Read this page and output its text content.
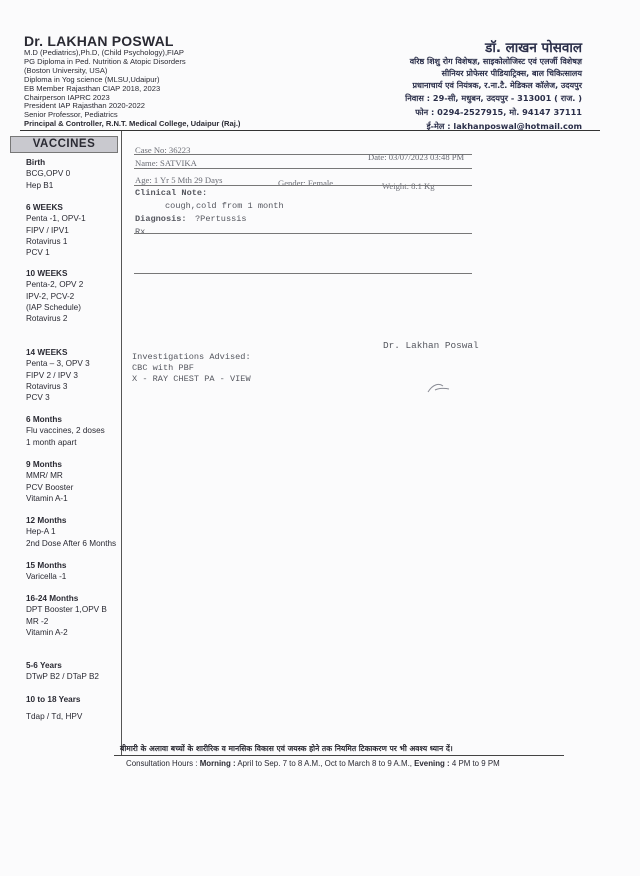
Dr. LAKHAN POSWAL
M.D (Pediatrics),Ph.D, (Child Psychology),FIAP
PG Diploma in Ped. Nutrition & Atopic Disorders
(Boston University, USA)
Diploma in Yog science (MLSU,Udaipur)
EB Member Rajasthan CIAP 2018, 2023
Chairperson IAPRC 2023
President IAP Rajasthan 2020-2022
Senior Professor, Pediatrics
Principal & Controller, R.N.T. Medical College, Udaipur (Raj.)
डॉ. लाखन पोसवाल
वरिष्ठ शिशु रोग विशेषज्ञ, साइकोलोजिस्ट एवं एलर्जी विशेषज्ञ
सीनियर प्रोफेसर पीडियाट्रिक्स, बाल चिकित्सालय
प्रधानाचार्य एवं नियंत्रक, र.ना.टै. मेडिकल कॉलेज, उदयपुर
निवास : 29-सी, मधुबन, उदयपुर - 313001 ( राज. )
फोन : 0294-2527915, मो. 94147 37111
ई-मेल : lakhanposwal@hotmail.com
VACCINES
Birth
BCG,OPV 0
Hep B1
6 WEEKS
Penta -1, OPV-1
FIPV / IPV1
Rotavirus 1
PCV 1
10 WEEKS
Penta-2, OPV 2
IPV-2, PCV-2
(IAP Schedule)
Rotavirus 2
14 WEEKS
Penta – 3, OPV 3
FIPV 2 / IPV 3
Rotavirus 3
PCV 3
6 Months
Flu vaccines, 2 doses
1 month apart
9 Months
MMR/ MR
PCV Booster
Vitamin A-1
12 Months
Hep-A 1
2nd Dose After 6 Months
15 Months
Varicella -1
16-24 Months
DPT Booster 1,OPV B
MR -2
Vitamin A-2
5-6 Years
DTwP B2 / DTaP B2
10 to 18 Years
Tdap / Td, HPV
Case No: 36223
Date: 03/07/2023 03:48 PM
Name: SATVIKA
Age: 1 Yr 5 Mth 29 Days	Gender: Female	Weight: 8.1 Kg
Clinical Note:
cough,cold from 1 month
Diagnosis: ?Pertussis
Rx
Dr. Lakhan Poswal
Investigations Advised:
CBC with PBF
X - RAY CHEST PA - VIEW
बीमारी के अलावा बच्चों के शारीरिक व मानसिक विकास एवं जयस्क होने तक नियमित टिकाकरण पर भी अवश्य ध्यान दें।
Consultation Hours : Morning : April to Sep. 7 to 8 A.M., Oct to March 8 to 9 A.M., Evening : 4 PM to 9 PM
